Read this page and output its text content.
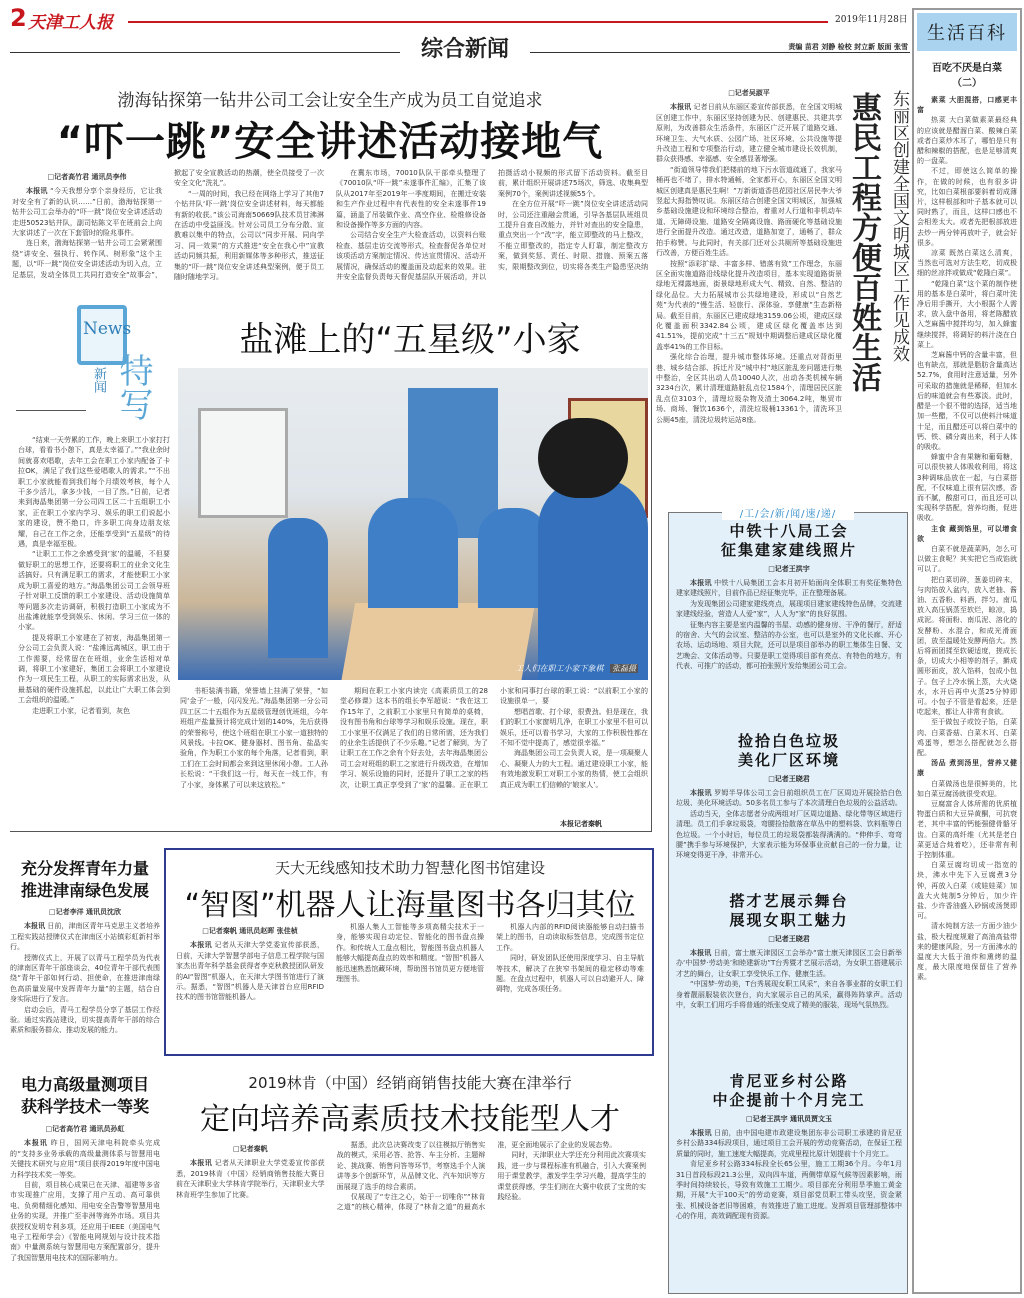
2 天津工人报	2019年11月28日
综合新闻	责编 苗君 刘静 检校 封立新 版面 张雪
生活百科
百吃不厌是白菜
（二）

素菜 大胆混搭，口感更丰富

热菜 大白菜做素菜最经典的应该就是醋溜白菜、酸辣白菜或者白菜炒木耳了，哪怕是只有醋和辣椒的搭配，也是足够清爽的一盘菜。

不过，即使这么简单的操作，在做的时候，也有很多讲究，比如白菜根部要斜着切成薄片，这样根部和叶子基本就可以同时熟了，而且，这样口感也不会相差太大。或者先把根部放进去炒一两分钟再放叶子，就会好很多。

凉菜 既然白菜这么清爽，当然也可选对方法生吃，切成极细的丝凉拌或做成“乾隆白菜”。

“乾隆白菜”这个菜的制作使用的基本是白菜叶，将白菜叶洗净后用手撕开，大小根据个人需求，放入盘中备用，将老陈醋放入芝麻酱中搅拌均匀，加入蜂蜜继续搅拌，将调好的料汁浇在白菜上。

芝麻酱中钙的含量丰富，但也有缺点，那就是脂肪含量高达52.7%，食用时注意适量，另外可采取的措施就是稀释，但加水后的味道就会有些寡淡。此时，醋是一个很不错的选择，适当地加一些醋，不仅可以使料汁味道十足，而且醋还可以将白菜中的钙、铁、磷分离出来，利于人体的吸收。

蜂蜜中含有果糖和葡萄糖，可以很快被人体吸收利用，将这3种调味品放在一起，与白菜搭配，不仅味道上很有层次感，香而不腻，酸甜可口，而且还可以实现科学搭配，营养均衡，促进吸收。

主食 藏到馅里，可以增食欲

白菜不就是蔬菜吗，怎么可以做主食呢？其实把它当成馅就可以了。

把白菜切碎，葱姜切碎末，与肉馅放入盆内，放入老抽、酱油、五香粉、料酒，拌匀。南瓜放入高压锅蒸至软烂，晾凉，捣成泥。将面粉、南瓜泥、溶化的发酵粉、水混合，和成光滑面团，放至温暖处发酵两倍大。然后将面团揉至软硬适度，搓成长条，切成大小相等的剂子，擀成圆形面皮，放入馅料，包成小包子。包子上冷水锅上蒸，大火烧水，水开后再中火蒸25分钟即可。小包子不管是看起来，还是吃起来，都让人非常有食欲。

至于做包子或饺子馅，白菜肉、白菜香菇、白菜木耳、白菜鸡蛋等，想怎么搭配就怎么搭配。

汤品 煮到汤里，营养又健康

白菜做汤也是很鲜美的，比如白菜豆腐汤就很受欢迎。

豆腐富含人体所需的优质植物蛋白质和大豆异黄酮，可抗衰老，其中丰富的钙能强健骨骼牙齿。白菜的高纤维（尤其是老白菜更适合炖着吃），还非常有利于控制体重。

白菜豆腐均切成一指宽的块，沸水中先下入豆腐煮3分钟，再放入白菜（或娃娃菜）加盖大火炖制5分钟后，加少许盐、少许香油盛入砂锅或汤煲即可。

清水炖制方法一方面少油少盐，极大程度规避了高油高盐带来的健康风险，另一方面沸水的温度大大低于油炸和熏烤的温度，最大限度地保留住了营养素。

渤海钻探第一钻井公司工会让安全生产成为员工自觉追求
“吓一跳”安全讲述活动接地气
□记者高竹君 通讯员李伟

本报讯 “今天我想分享个亲身经历，它让我对安全有了新的认识……”日前，渤海钻探第一钻井公司工会举办的“吓一跳”岗位安全讲述活动走进50523钻井队，副司钻陈文平在班前会上向大家讲述了一次在下套管时的险兆事件。

连日来，渤海钻探第一钻井公司工会紧紧围绕“讲安全、强执行、转作风、树形象”这个主题，以“吓一跳”岗位安全讲述活动为切入点，立足基层，发动全体员工共同打造安全“故事会”，掀起了安全宣教活动的热潮，使全员接受了一次安全文化“洗礼”。

“一周的时间，我已经在网络上学习了其他7个钻井队‘吓一跳’岗位安全讲述材料，每天都能有新的收获。”该公司海南50669队技术员甘沸淋在活动中受益匪浅。针对公司员工分布分散、宣教难以集中的特点，公司以“同步开展、同向学习、同一效果”的方式推进“安全在我心中”宣教活动同频共振，利用新媒体等多种形式，推送征集的“吓一跳”岗位安全讲述典型案例，便于员工随时随地学习。

在冀东市场，70010队队干部牵头整理了《70010队“吓一跳”未遂事件汇编》，汇集了该队从2017年至2019年一季度期间，在搬迁安装和生产作业过程中有代表性的安全未遂事件19篇，涵盖了吊装做作业、高空作业、检维修设备和设备操作等多方面的内容。

公司结合安全生产大检查活动，以资料台账检查、基层走访交流等形式，检查督促各单位对该项活动方案制定情况、传达宣贯情况、活动开展情况，确保活动的覆盖面及动起来的效果。驻井安全监督负责每天督促基层队开展活动，并以拍摄活动小视频的形式留下活动资料。截至目前，累计组织开展讲述75场次，筛选、收集典型案例70个，案例讲述视频55个。

在全方位开展“吓一跳”岗位安全讲述活动同时，公司还注重融会贯通，引导各基层队班组员工提升自查自改能力，并针对查出的安全隐患，重点突出一个“改”字，能立即整改的马上整改，不能立即整改的，指定专人盯靠，制定整改方案，做到奖惩、责任、时限、措施、预案五落实，限期整改到位，切实将各类生产隐患坚决纳	惠民工程方便百姓生活 东丽区创建全国文明城区工作见成效
□记者吴淑平

本报讯 记者日前从东丽区委宣传部获悉，在全国文明城区创建工作中，东丽区坚持创建为民、创建惠民、共建共享原则，为改善群众生活条件，东丽区广泛开展了道路交通、环境卫生、大气水质、公园广场、社区环境、公共设施等提升改造工程和专项整治行动，建立健全城市建设长效机制，群众获得感、幸福感、安全感显著增强。

“街道领导带我们把楼前的地下污水管道疏通了，我家马桶再也不堵了，排水特通畅，全家都开心，东丽区全国文明城区创建真是惠民生啊！”万新街道香邑花园社区居民李大爷竖起大拇指赞叹说。东丽区结合创建全国文明城区，加强城乡基础设施建设和环境综合整治，着重对人行道和非机动车道、无障碍设施、道路安全隔离设施、路面硬化等基础设施进行全面提升改造。通过改造，道路加宽了，通畅了，群众拍手称赞。与此同时，有关部门还对公共厕所等基础设施进行改善，方便百姓生活。

按照“添彩扩绿、丰富多样、错落有致”工作理念，东丽区全面实施道路沿线绿化提升改造项目，基本实现道路街景绿地无裸露地面，街景绿地形成大气、精致、自然、整洁的绿化品位。大力拓展城市公共绿地建设，形成以“自然艺苑”为代表的“慢生活、轻旅行、深体验、享健康”生态新格局。截至目前，东丽区已建成绿地3159.06公顷，建成区绿化覆盖面积3342.84公顷，建成区绿化覆盖率达到41.51%，提前完成“十三五”规划中期调整后建成区绿化覆盖率41%的工作目标。

强化综合治理，提升城市整体环境。还重点对背街里巷、城乡结合部、拆迁片及“城中村”地区脏乱差问题进行集中整治，全区共出动人员10040人次，出动各类机械车辆3234台次，累计清理道路脏乱点位1584个，清理居民区脏乱点位3103个，清理垃圾杂物及渣土3064.2吨，集贸市场、商场、餐饮1636个，清洗垃圾桶13361个，清洗环卫公厕45座，清洗垃圾转运站8座。

News
新闻 特写
盐滩上的“五星级”小家
工人们在职工小家下象棋 张磊摄

“结束一天劳累的工作，晚上来职工小家打打台球，看看书小憩下，真是太幸福了。”“我业余时间就喜欢唱歌，去年工会在职工小家内配备了卡拉OK，满足了我们这些爱唱歌人的需求。”“不出职工小家就能看到我们每个月绩效考核，每个人干多少活儿，拿多少钱，一目了然。”日前，记者来到海晶集团第一分公司四工区二十五组职工小家，正在职工小家内学习、娱乐的职工们说起小家的建设，赞不绝口，许多职工向身边朋友炫耀，自己在工作之余，还能享受到“五星级”的待遇，真是幸福至极。

“让职工工作之余感受到‘家’的温暖，不但要做好职工的思想工作，还要将职工的业余文化生活搞好。只有满足职工的需求，才能使职工小家成为职工喜爱的地方。”海晶集团公司工会领导班子针对职工反馈的职工小家建设、活动设施简单等问题多次走访调研，积极打造职工小家成为不出盐滩就能享受到娱乐、休闲、学习三位一体的小家。

提及将职工小家建在了初衷，海晶集团第一分公司工会负责人说：“盐滩远离城区，职工由于工作需要，经常留在在班组，业余生活相对单调，将职工小家建好，集团工会将职工小家建设作为一项民生工程，从职工的实际需求出发，从最基础的硬件设施抓起，以此让广大职工体会到工会组织的温暖。”

走进职工小家，记者看到，灰色

书柜装满书籍，荣誉墙上挂满了荣誉，“如同‘金子’一般，闪闪发光。”海晶集团第一分公司四工区二十五组作为五星级管理创优班组，今年班组产盐量预计将完成计划的140%，先后获得的荣誉称号，使这个班组在职工小家一道独特的风景线。卡拉OK、健身器材、图书角、盐晶实验角，作为职工小家的每个角落，记者看到，职工们在工会时间都会来到这里休闲小憩。工人孙长松说：“干我们这一行，每天在一线工作，有了小家，身体累了可以来这放松。”

期间在职工小家内读完《高素质员工的28堂必修课》这本书的组长李军超说：“我在这工作15年了，之前职工小家里只有简单的桌椅，没有图书角和台球等学习和娱乐设施。现在，职工小家里不仅满足了我们的日常所需，还为我们的业余生活提供了不少乐趣。”记者了解到，为了让职工在工作之余有个好去处，去年海晶集团公司工会对班组的职工之家进行升级改造，在增加学习、娱乐设施的同时，还提升了职工之家的档次，让职工真正享受到了‘家’的温馨。正在职工小家和同事打台球的职工说：“以前职工小家的设施很单一，要

想唱首歌、打个球，很费劲。但是现在，我们的职工小家窗明几净，在职工小家里不但可以娱乐，还可以看书学习，大家的工作积极性都在不知不觉中提高了，感觉很幸福。”

海晶集团公司工会负责人说，是一项凝聚人心、凝聚人力的大工程。通过建设职工小家，能有效地激发职工对职工小家的热情，使工会组织真正成为职工们信赖的‘娘家人’。

本报记者秦帆
充分发挥青年力量
推进津南绿色发展
□记者李洋 通讯员沈欣

本报讯 日前，津南区青年马克思主义者培养工程实践站授牌仪式在津南区小站镇彩虹新村举行。

授牌仪式上，开展了以青马工程学员为代表的津南区青年干部座谈会，40位青年干部代表围绕“青年干部如何行动、担使命，在推进津南绿色高质量发展中发挥青年力量”的主题，结合自身实际进行了发言。

启动会后，青马工程学员分享了基层工作经验。通过实践站建设，切实提高青年干部的综合素质和服务群众、推动发展的能力。

天大无线感知技术助力智慧化图书馆建设
“智图”机器人让海量图书各归其位
□记者秦帆 通讯员赵晖 张佳桢

本报讯 记者从天津大学党委宣传部获悉，日前，天津大学智慧学部电子信息工程学院与国家杰出青年科学基金获得者李克秋教授团队研发的AI“智图”机器人，在天津大学图书馆进行了演示。据悉，“智图”机器人是天津首台应用RFID技术的图书馆智能机器人。

机器人集人工智能等多项高精尖技术于一身，能够实现自动定位、智能化的图书盘点操作。和传统人工盘点相比，智能图书盘点机器人能够大幅提高盘点的效率和精度。“智图”机器人能迅速熟悉馆藏环境，帮助图书馆员更方便地管理图书。

机器人内部的RFID阅读器能够自动扫描书架上的图书，自动读取标签信息，完成图书定位工作。

同时，研发团队还使用深度学习、自主导航等技术，解决了在狭窄书架间的稳定移动等难题。在盘点过程中，机器人可以自动避开人、障碍物，完成各项任务。

电力高级量测项目
获科学技术一等奖
□记者高竹君 通讯员孙虹

本报讯 昨日，国网天津电科院牵头完成的“支持多业务承载的高级量测体系与智慧用电关键技术研究与应用”项目获得2019年度中国电力科学技术奖一等奖。

目前，项目核心成果已在天津、福建等多省市实现推广应用，支撑了用户互动、高可靠供电、负荷精细化感知、用电安全告警等智慧用电业务的实现，并推广至非洲等海外市场。项目共获授权发明专利多项，还应用于IEEE（美国电气电子工程师学会）《智能电网规划与设计技术指南》中量测系统与智慧用电方案配置部分，提升了我国智慧用电技术的国际影响力。

2019林肯（中国）经销商销售技能大赛在津举行
定向培养高素质技术技能型人才
□记者秦帆

本报讯 记者从天津职业大学党委宣传部获悉，2019林肯（中国）经销商销售技能大赛日前在天津职业大学林肯学院举行，天津职业大学林肯班学生参加了比赛。

据悉，此次总决赛改变了以往模拟厅销售实战的模式，采用必答、抢答、车主分析、主题辩论、挑战赛、销售问答等环节，考察选手个人演讲等多个创新环节，从品牌文化、汽车知识等方面展现了选手的综合素质。

仅展现了“专注之心，始于一切唯你”“林肯之道”的核心精神，体现了“林肯之道”的最高水准，更全面地展示了企业的发展态势。

同时，天津职业大学还充分利用此次赛项实践，进一步与课程标准有机融合，引入大赛案例用于课堂教学，激发学生学习兴趣，提高学生的课堂获得感，学生们则在大赛中收获了宝贵的实践经验。

/工/会/新/闻/速/递/
中铁十八局工会
征集建家建线照片
□记者王洪宇

本报讯 中铁十八局集团工会本月初开始面向全体职工有奖征集特色建家建线照片，目前作品已经征集完毕，正在整理备展。

为发现集团公司建家建线亮点，展现项目建家建线特色品牌，交流建家建线经验，营造人人爱“家”，人人为“家”的良好氛围。

征集内容主要是室内温馨的书屋、动感的健身房、干净的餐厅，舒适的宿舍、大气的会议室、整洁的办公室，也可以是室外的文化长廊、开心农场、运动场地、项目大院，还可以是项目部举办的职工集体生日餐、文艺晚会、文体活动等。只要是职工觉得项目部有亮点、有特色的地方，有代表、可推广的活动，都可拍张照片发给集团公司工会。

捡拾白色垃圾
美化厂区环境
□记者王晓君

本报讯 罗姆半导体公司工会日前组织员工在厂区周边开展捡拾白色垃圾、美化环境活动。50多名员工参与了本次清理白色垃圾的公益活动。

活动当天，全体志愿者分成两组对厂区周边道路、绿化带等区域进行清理。员工们手拿垃圾袋，弯腰捡拾散落在草丛中的塑料袋、饮料瓶等白色垃圾。一个小时后，每位员工的垃圾袋都装得满满的。“伸伸手、弯弯腰”携手参与环境保护，大家表示能为环保事业贡献自己的一份力量，让环境变得更干净，非常开心。

搭才艺展示舞台
展现女职工魅力
□记者王晓君

本报讯 日前，富士康天津园区工会举办“富士康天津园区工会日新举办‘中国梦·劳动美’和睦建新功”T台秀暨才艺展示活动，为女职工搭建展示才艺的舞台，让女职工享受快乐工作、健康生活。

“中国梦·劳动美，T台秀展现女职工风采”，来自各事业群的女职工们身着靓丽服装依次登台，向大家展示自己的风采，赢得阵阵掌声。活动中，女职工们用巧手将普通的纸张变成了精美的服装，现场气氛热烈。

肯尼亚乡村公路
中企提前十个月完工
□记者王洪宇 通讯员贾文玉

本报讯 日前，由中国电建市政建设集团东非公司职工承建的肯尼亚乡村公路334标段项目，通过项目工会开展的劳动竞赛活动，在保证工程质量的同时，施工速度大幅提高，完成里程比原计划提前十个月完工。

肯尼亚乡村公路334标段全长65公里，施工工期36个月。今年1月31日首段标段21.3公里，双向四车道，两侧带草原气候等因素影响，雨季时间持续较长，导致有效施工工期少。项目部充分利用旱季施工黄金期，开展“大干100天”的劳动竞赛，项目部党员职工带头攻坚，资金紧张、机械设备老旧等困难，有效推进了施工进度。发挥项目管理部整体中心的作用，高效调配现有资源。
